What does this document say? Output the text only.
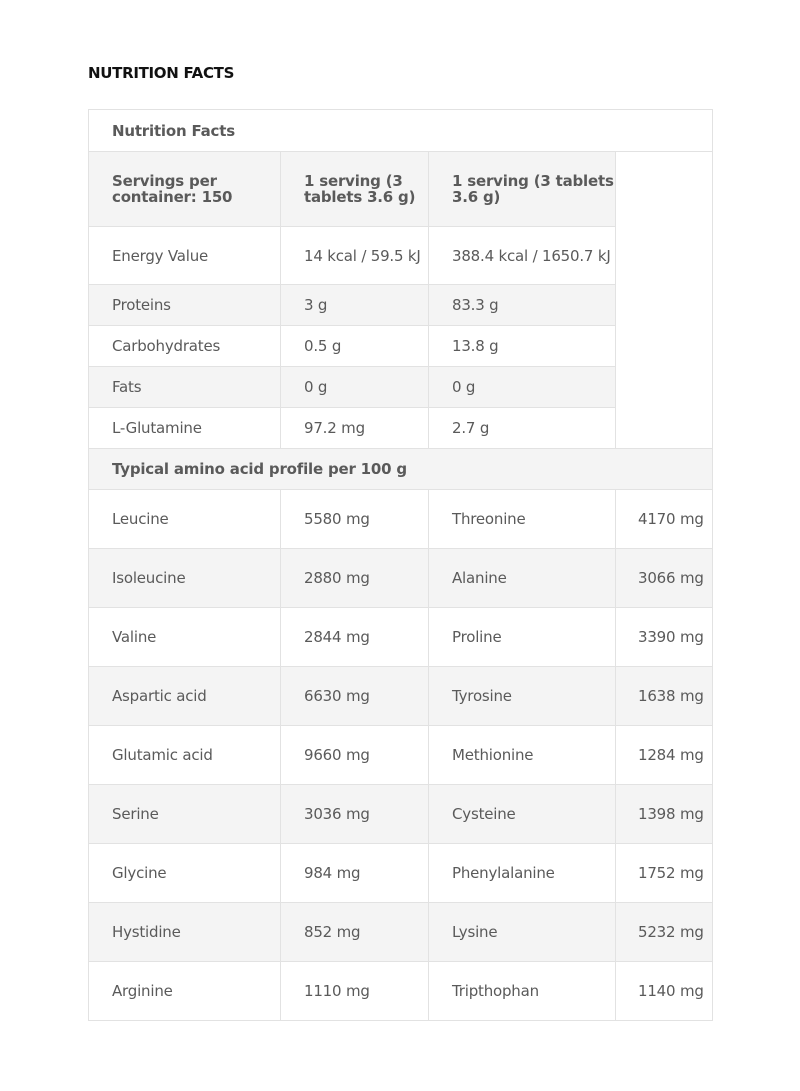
NUTRITION FACTS
Nutrition Facts			
Servings per container: 150	1 serving (3 tablets 3.6 g)	1 serving (3 tablets 3.6 g)	
Energy Value	14 kcal / 59.5 kJ	388.4 kcal / 1650.7 kJ	
Proteins	3 g	83.3 g	
Carbohydrates	0.5 g	13.8 g	
Fats	0 g	0 g	
L-Glutamine	97.2 mg	2.7 g	
Typical amino acid profile per 100 g			
Leucine	5580 mg	Threonine	4170 mg
Isoleucine	2880 mg	Alanine	3066 mg
Valine	2844 mg	Proline	3390 mg
Aspartic acid	6630 mg	Tyrosine	1638 mg
Glutamic acid	9660 mg	Methionine	1284 mg
Serine	3036 mg	Cysteine	1398 mg
Glycine	984 mg	Phenylalanine	1752 mg
Hystidine	852 mg	Lysine	5232 mg
Arginine	1110 mg	Tripthophan	1140 mg
